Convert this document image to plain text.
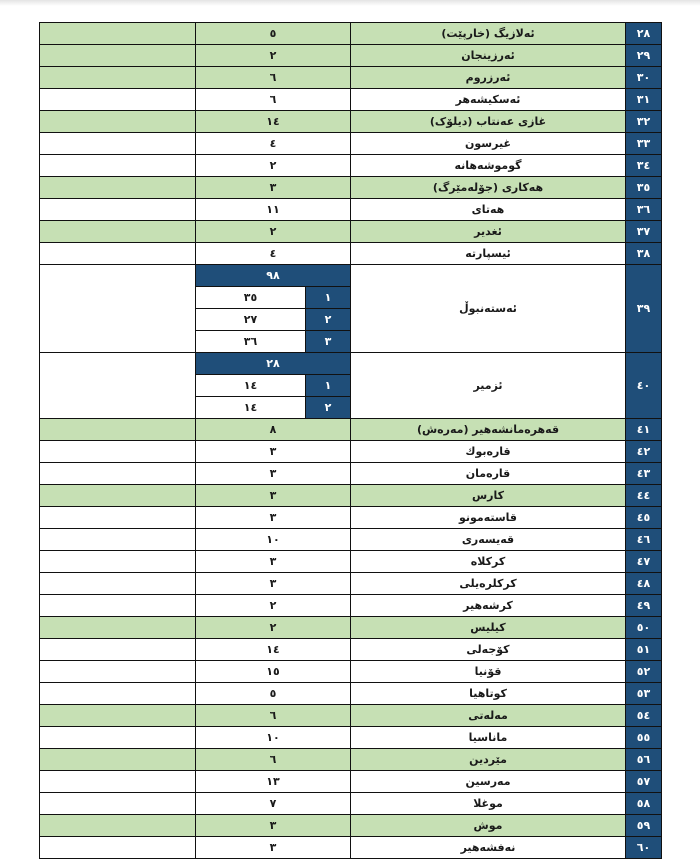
	٥		ئەلازیگ (خارپێت)	٢٨
	٢		ئەرزینجان	٢٩
	٦		ئەرزروم	٣٠
	٦		ئەسکیشەهر	٣١
	١٤		غازی عەنتاب (دیلۆک)	٣٢
	٤		غیرسون	٣٣
	٢		گوموشەهانە	٣٤
	٣		هەکاری (جۆلەمێرگ)	٣٥
	١١		هەتای	٣٦
	٢		ئغدیر	٣٧
	٤		ئیسپارتە	٣٨
	٩٨		ئەستەنبوڵ	٣٩
	٣٥	١		
	٢٧	٢		
	٣٦	٣		
	٢٨		ئزمیر	٤٠
	١٤	١		
	١٤	٢		
	٨		قەهرەمانشەهیر (مەرەش)	٤١
	٣		قارەبوك	٤٢
	٣		قارەمان	٤٣
	٣		كارس	٤٤
	٣		قاستەمونو	٤٥
	١٠		قەیسەری	٤٦
	٣		كركلاە	٤٧
	٣		كركلرەیلی	٤٨
	٢		كرشەهیر	٤٩
	٢		كیلیس	٥٠
	١٤		كۆجەلی	٥١
	١٥		قۆنیا	٥٢
	٥		كوتاهیا	٥٣
	٦		مەلەتی	٥٤
	١٠		ماناسیا	٥٥
	٦		مێردین	٥٦
	١٣		مەرسین	٥٧
	٧		موغلا	٥٨
	٣		موش	٥٩
	٣		نەفشەهیر	٦٠
